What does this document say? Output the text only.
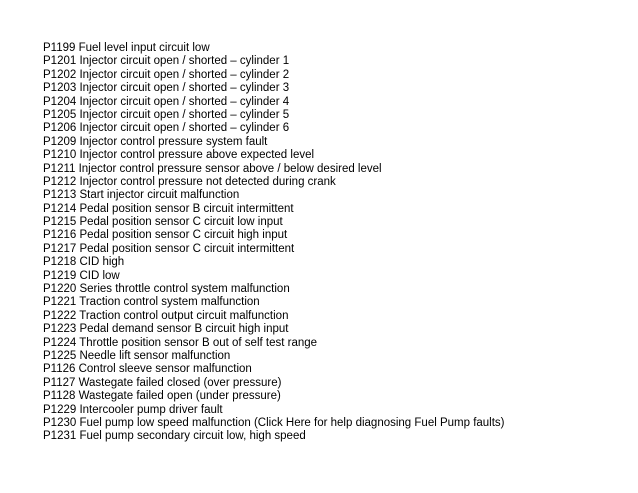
P1199 Fuel level input circuit low
P1201 Injector circuit open / shorted – cylinder 1
P1202 Injector circuit open / shorted – cylinder 2
P1203 Injector circuit open / shorted – cylinder 3
P1204 Injector circuit open / shorted – cylinder 4
P1205 Injector circuit open / shorted – cylinder 5
P1206 Injector circuit open / shorted – cylinder 6
P1209 Injector control pressure system fault
P1210 Injector control pressure above expected level
P1211 Injector control pressure sensor above / below desired level
P1212 Injector control pressure not detected during crank
P1213 Start injector circuit malfunction
P1214 Pedal position sensor B circuit intermittent
P1215 Pedal position sensor C circuit low input
P1216 Pedal position sensor C circuit high input
P1217 Pedal position sensor C circuit intermittent
P1218 CID high
P1219 CID low
P1220 Series throttle control system malfunction
P1221 Traction control system malfunction
P1222 Traction control output circuit malfunction
P1223 Pedal demand sensor B circuit high input
P1224 Throttle position sensor B out of self test range
P1225 Needle lift sensor malfunction
P1126 Control sleeve sensor malfunction
P1127 Wastegate failed closed (over pressure)
P1128 Wastegate failed open (under pressure)
P1229 Intercooler pump driver fault
P1230 Fuel pump low speed malfunction (Click Here for help diagnosing Fuel Pump faults)
P1231 Fuel pump secondary circuit low, high speed
